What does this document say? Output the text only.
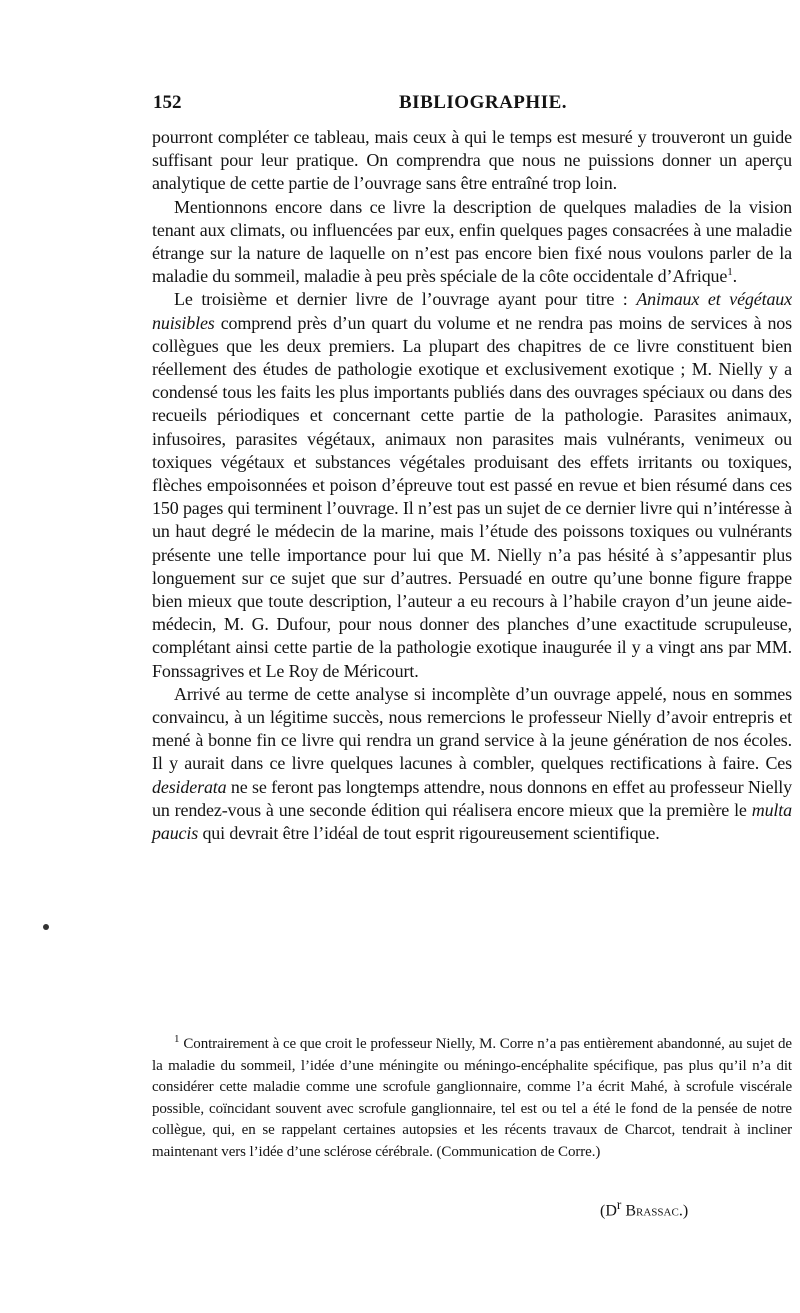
152	BIBLIOGRAPHIE.

pourront compléter ce tableau, mais ceux à qui le temps est mesuré y trouveront un guide suffisant pour leur pratique. On comprendra que nous ne puissions donner un aperçu analytique de cette partie de l’ouvrage sans être entraîné trop loin.

Mentionnons encore dans ce livre la description de quelques maladies de la vision tenant aux climats, ou influencées par eux, enfin quelques pages consacrées à une maladie étrange sur la nature de laquelle on n’est pas encore bien fixé nous voulons parler de la maladie du sommeil, maladie à peu près spéciale de la côte occidentale d’Afrique$^1$.

Le troisième et dernier livre de l’ouvrage ayant pour titre : Animaux et végétaux nuisibles comprend près d’un quart du volume et ne rendra pas moins de services à nos collègues que les deux premiers. La plupart des chapitres de ce livre constituent bien réellement des études de pathologie exotique et exclusivement exotique ; M. Nielly y a condensé tous les faits les plus importants publiés dans des ouvrages spéciaux ou dans des recueils périodiques et concernant cette partie de la pathologie. Parasites animaux, infusoires, parasites végétaux, animaux non parasites mais vulnérants, venimeux ou toxiques végétaux et substances végétales produisant des effets irritants ou toxiques, flèches empoisonnées et poison d’épreuve tout est passé en revue et bien résumé dans ces 150 pages qui terminent l’ouvrage. Il n’est pas un sujet de ce dernier livre qui n’intéresse à un haut degré le médecin de la marine, mais l’étude des poissons toxiques ou vulnérants présente une telle importance pour lui que M. Nielly n’a pas hésité à s’appesantir plus longuement sur ce sujet que sur d’autres. Persuadé en outre qu’une bonne figure frappe bien mieux que toute description, l’auteur a eu recours à l’habile crayon d’un jeune aide-médecin, M. G. Dufour, pour nous donner des planches d’une exactitude scrupuleuse, complétant ainsi cette partie de la pathologie exotique inaugurée il y a vingt ans par MM. Fonssagrives et Le Roy de Méricourt.

Arrivé au terme de cette analyse si incomplète d’un ouvrage appelé, nous en sommes convaincu, à un légitime succès, nous remercions le professeur Nielly d’avoir entrepris et mené à bonne fin ce livre qui rendra un grand service à la jeune génération de nos écoles. Il y aurait dans ce livre quelques lacunes à combler, quelques rectifications à faire. Ces desiderata ne se feront pas longtemps attendre, nous donnons en effet au professeur Nielly un rendez-vous à une seconde édition qui réalisera encore mieux que la première le multa paucis qui devrait être l’idéal de tout esprit rigoureusement scientifique.

$^1$ Contrairement à ce que croit le professeur Nielly, M. Corre n’a pas entièrement abandonné, au sujet de la maladie du sommeil, l’idée d’une méningite ou méningo-encéphalite spécifique, pas plus qu’il n’a dit considérer cette maladie comme une scrofule ganglionnaire, comme l’a écrit Mahé, à scrofule viscérale possible, coïncidant souvent avec scrofule ganglionnaire, tel est ou tel a été le fond de la pensée de notre collègue, qui, en se rappelant certaines autopsies et les récents travaux de Charcot, tendrait à incliner maintenant vers l’idée d’une sclérose cérébrale. (Communication de Corre.)

($D^r$ Brassac.)
